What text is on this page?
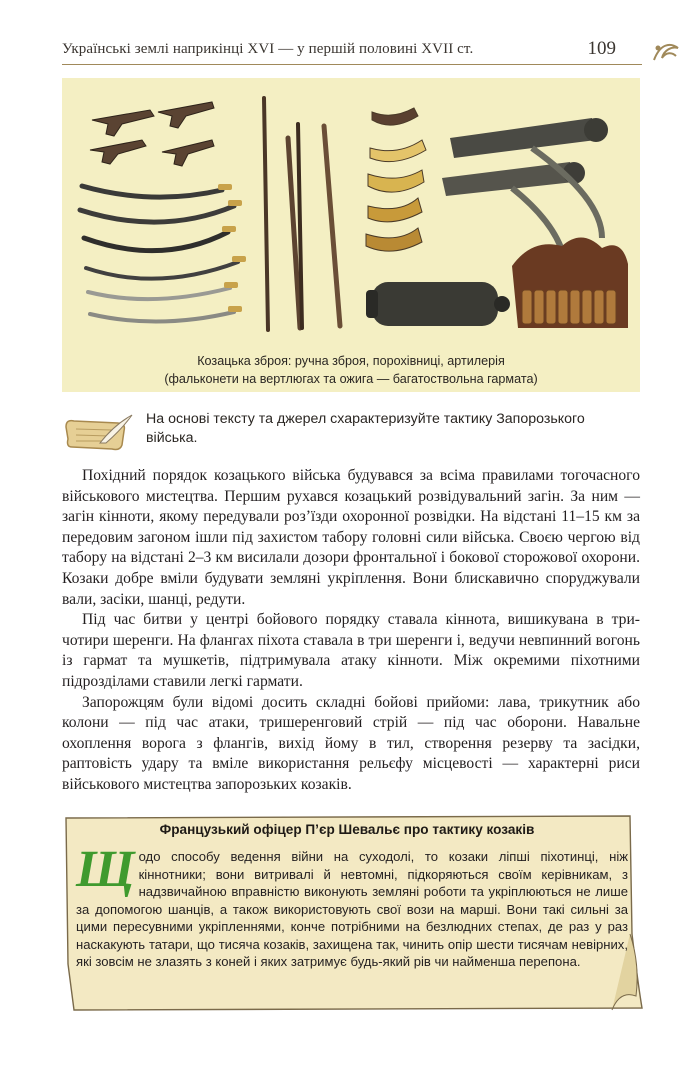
Українські землі наприкінці XVI — у першій половині XVII ст.	109
Козацька зброя: ручна зброя, порохівниці, артилерія
(фальконети на вертлюгах та ожига — багатоствольна гармата)
На основі тексту та джерел схарактеризуйте тактику Запорозького війська.

Похідний порядок козацького війська будувався за всіма правилами тогочасного військового мистецтва. Першим рухався козацький розвідувальний загін. За ним — загін кінноти, якому передували роз’їзди охоронної розвідки. На відстані 11–15 км за передовим загоном ішли під захистом табору головні сили війська. Своєю чергою від табору на відстані 2–3 км висилали дозори фронтальної і бокової сторожової охорони. Козаки добре вміли будувати земляні укріплення. Вони блискавично споруджували вали, засіки, шанці, редути.

Під час битви у центрі бойового порядку ставала кіннота, вишикувана в три-чотири шеренги. На флангах піхота ставала в три шеренги і, ведучи невпинний вогонь із гармат та мушкетів, підтримувала атаку кінноти. Між окремими піхотними підрозділами ставили легкі гармати.

Запорожцям були відомі досить складні бойові прийоми: лава, трикутник або колони — під час атаки, тришеренговий стрій — під час оборони. Навальне охоплення ворога з флангів, вихід йому в тил, створення резерву та засідки, раптовість удару та вміле використання рельєфу місцевості — характерні риси військового мистецтва запорозьких козаків.

Французький офіцер П’єр Шевальє про тактику козаків
Щ одо способу ведення війни на суходолі, то козаки ліпші піхотинці, ніж кіннотники; вони витривалі й невтомні, підкоряються своїм керівникам, з надзвичайною вправністю виконують земляні роботи та укріплюються не лише за допомогою шанців, а також використовують свої вози на марші. Вони такі сильні за цими пересувними укріпленнями, конче потрібними на безлюдних степах, де раз у раз наскакують татари, що тисяча козаків, захищена так, чинить опір шести тисячам невірних, які зовсім не злазять з коней і яких затримує будь-який рів чи найменша перепона.
